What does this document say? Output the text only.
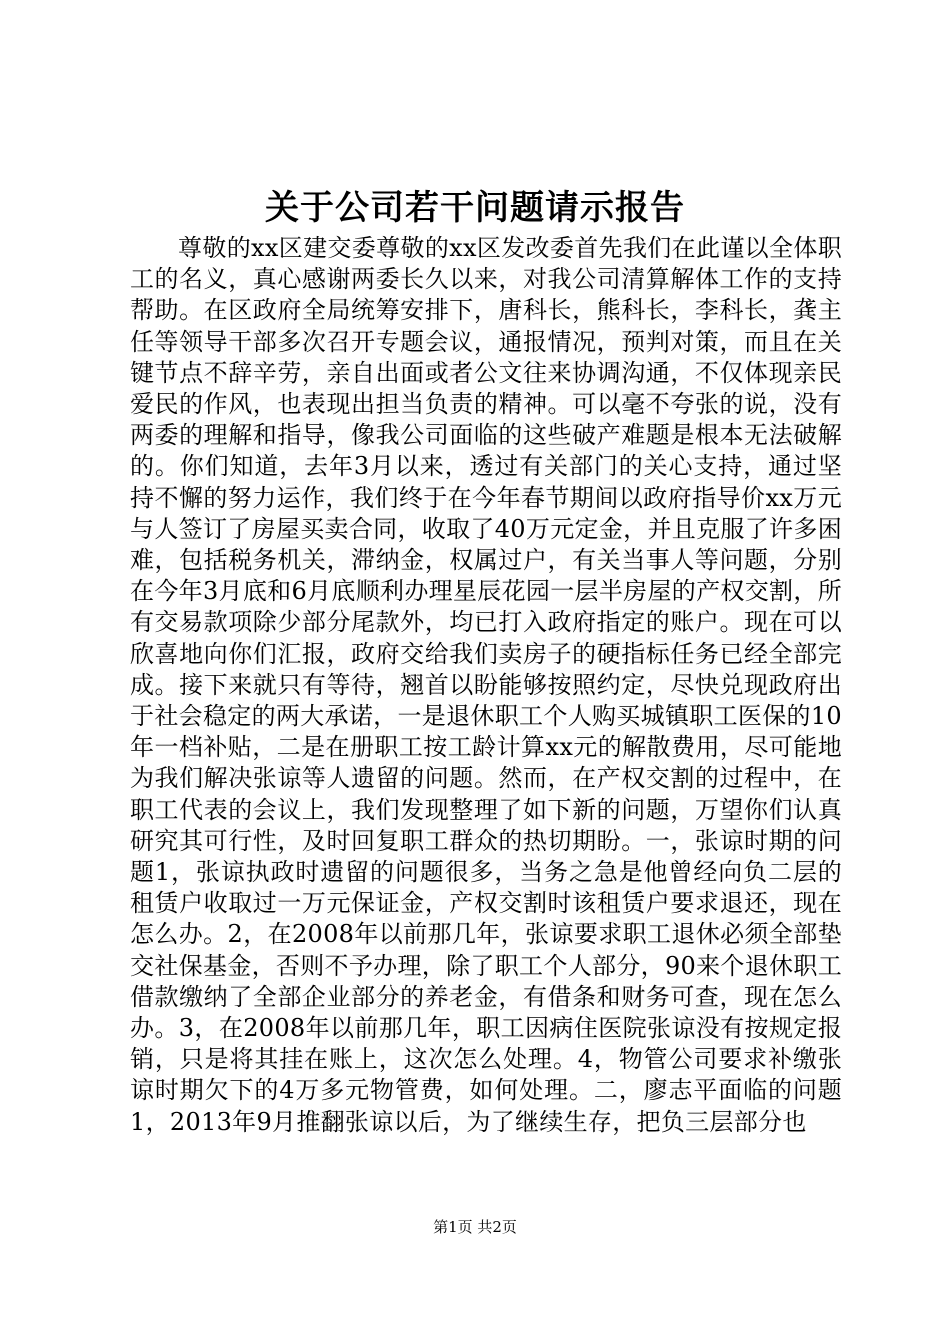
关于公司若干问题请示报告

尊敬的xx区建交委尊敬的xx区发改委首先我们在此谨以全体职工的名义，真心感谢两委长久以来，对我公司清算解体工作的支持帮助。在区政府全局统筹安排下，唐科长，熊科长，李科长，龚主任等领导干部多次召开专题会议，通报情况，预判对策，而且在关键节点不辞辛劳，亲自出面或者公文往来协调沟通，不仅体现亲民爱民的作风，也表现出担当负责的精神。可以毫不夸张的说，没有两委的理解和指导，像我公司面临的这些破产难题是根本无法破解的。你们知道，去年3月以来，透过有关部门的关心支持，通过坚持不懈的努力运作，我们终于在今年春节期间以政府指导价xx万元与人签订了房屋买卖合同，收取了40万元定金，并且克服了许多困难，包括税务机关，滞纳金，权属过户，有关当事人等问题，分别在今年3月底和6月底顺利办理星辰花园一层半房屋的产权交割，所有交易款项除少部分尾款外，均已打入政府指定的账户。现在可以欣喜地向你们汇报，政府交给我们卖房子的硬指标任务已经全部完成。接下来就只有等待，翘首以盼能够按照约定，尽快兑现政府出于社会稳定的两大承诺，一是退休职工个人购买城镇职工医保的10年一档补贴，二是在册职工按工龄计算xx元的解散费用，尽可能地为我们解决张谅等人遗留的问题。然而，在产权交割的过程中，在职工代表的会议上，我们发现整理了如下新的问题，万望你们认真研究其可行性，及时回复职工群众的热切期盼。一，张谅时期的问题1，张谅执政时遗留的问题很多，当务之急是他曾经向负二层的租赁户收取过一万元保证金，产权交割时该租赁户要求退还，现在怎么办。2，在2008年以前那几年，张谅要求职工退休必须全部垫交社保基金，否则不予办理，除了职工个人部分，90来个退休职工借款缴纳了全部企业部分的养老金，有借条和财务可查，现在怎么办。3，在2008年以前那几年，职工因病住医院张谅没有按规定报销，只是将其挂在账上，这次怎么处理。4，物管公司要求补缴张谅时期欠下的4万多元物管费，如何处理。二，廖志平面临的问题1，2013年9月推翻张谅以后，为了继续生存，把负三层部分也

第1页 共2页
